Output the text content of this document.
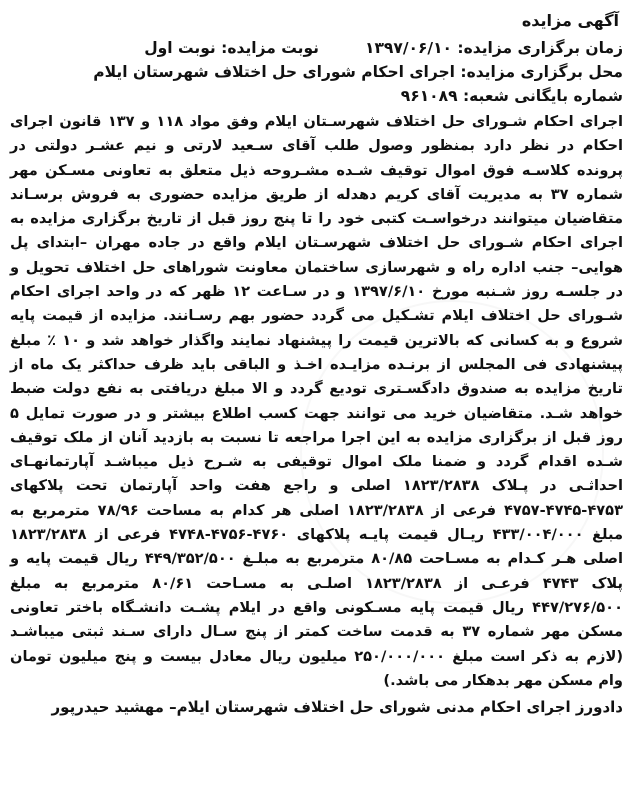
آگهی مزایده
زمان برگزاری مزایده: ۱۳۹۷/۰۶/۱۰
نوبت مزایده: نوبت اول
محل برگزاری مزایده: اجرای احکام شورای حل اختلاف شهرستان ایلام
شماره بایگانی شعبه: ۹۶۱۰۸۹
اجرای احکام شـورای حل اختلاف شهرسـتان ایلام وفق مواد ۱۱۸ و ۱۳۷ قانون اجرای احکام در نظر دارد بمنظور وصول طلب آقای سـعید لارتی و نیم عشـر دولتی در پرونده کلاسـه فوق اموال توقیف شـده مشـروحه ذیل متعلق به تعاونی مسـکن مهر شماره ۳۷ به مدیریت آقای کریم دهدله از طریق مزایده حضوری به فروش برسـاند متقاضیان میتوانند درخواسـت کتبی خود را تا پنج روز قبل از تاریخ برگزاری مزایده به اجرای احکام شـورای حل اختلاف شهرسـتان ایلام واقع در جاده مهران –ابتدای پل هوایی– جنب اداره راه و شهرسازی ساختمان معاونت شوراهای حل اختلاف تحویل و در جلسـه روز شـنبه مورخ ۱۳۹۷/۶/۱۰ و در سـاعت ۱۲ ظهر که در واحد اجرای احکام شـورای حل اختلاف ایلام تشـکیل می گردد حضور بهم رسـانند. مزایده از قیمت پایه شروع و به کسانی که بالاترین قیمت را پیشنهاد نمایند واگذار خواهد شد و ۱۰ ٪ مبلغ پیشنهادی فی المجلس از برنـده مزایـده اخـذ و الباقی باید ظرف حداکثر یک ماه از تاریخ مزایده به صندوق دادگسـتری تودیع گردد و الا مبلغ دریافتی به نفع دولت ضبط خواهد شـد. متقاضیان خرید می توانند جهت کسب اطلاع بیشتر و در صورت تمایل ۵ روز قبل از برگزاری مزایده به این اجرا مراجعه تا نسبت به بازدید آنان از ملک توقیف شـده اقدام گردد و ضمنا ملک اموال توقیفی به شـرح ذیل میباشـد آپارتمانهـای احداثـی در پـلاک ۱۸۲۳/۲۸۳۸ اصلی و راجع هفت واحد آپارتمان تحت پلاکهای ۴۷۵۳-۴۷۴۵-۴۷۵۷ فرعی از ۱۸۲۳/۲۸۳۸ اصلی هر کدام به مساحت ۷۸/۹۶ مترمربع به مبلغ ۴۳۳/۰۰۴/۰۰۰ ریـال قیمت پایـه پلاکهای ۴۷۶۰-۴۷۵۶-۴۷۴۸ فرعی از ۱۸۲۳/۲۸۳۸ اصلی هـر کـدام به مسـاحت ۸۰/۸۵ مترمربع به مبلـغ ۴۴۹/۳۵۲/۵۰۰ ریال قیمت پایه و پلاک ۴۷۴۳ فرعـی از ۱۸۲۳/۲۸۳۸ اصلـی به مسـاحت ۸۰/۶۱ مترمربع به مبلغ ۴۴۷/۲۷۶/۵۰۰ ریال قیمت پایه مسـکونی واقع در ایلام پشـت دانشـگاه باختر تعاونی مسکن مهر شماره ۳۷ به قدمت ساخت کمتر از پنج سـال دارای سـند ثبتی میباشـد (لازم به ذکر است مبلغ ۲۵۰/۰۰۰/۰۰۰ میلیون ریال معادل بیست و پنج میلیون تومان وام مسکن مهر بدهکار می باشد.)
دادورز اجرای احکام مدنی شورای حل اختلاف شهرستان ایلام– مهشید حیدرپور
